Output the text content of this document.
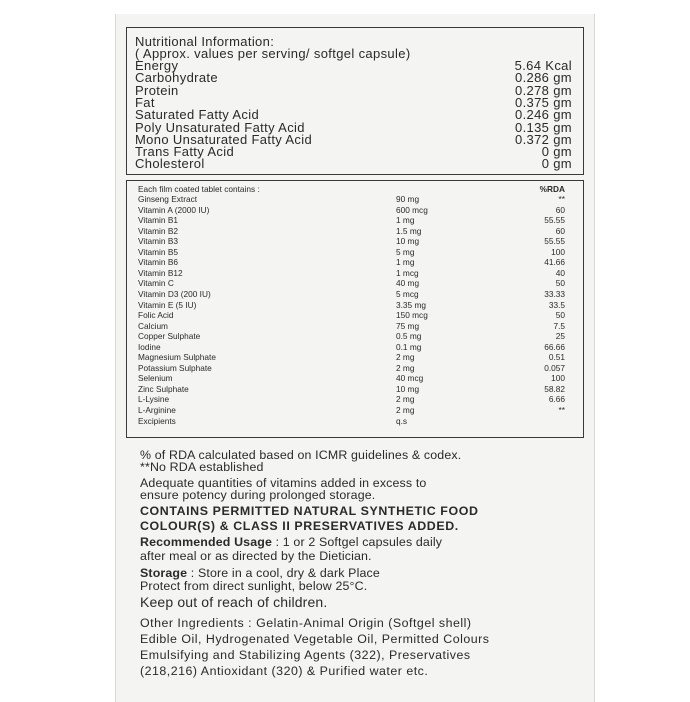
Nutritional Information:
( Approx. values per serving/ softgel capsule)
Energy	5.64 Kcal
Carbohydrate	0.286 gm
Protein	0.278 gm
Fat	0.375 gm
Saturated Fatty Acid	0.246 gm
Poly Unsaturated Fatty Acid	0.135 gm
Mono Unsaturated Fatty Acid	0.372 gm
Trans Fatty Acid	0 gm
Cholesterol	0 gm
Each film coated tablet contains :	%RDA
Ginseng Extract	90 mg	**
Vitamin A (2000 IU)	600 mcg	60
Vitamin B1	1 mg	55.55
Vitamin B2	1.5 mg	60
Vitamin B3	10 mg	55.55
Vitamin B5	5 mg	100
Vitamin B6	1 mg	41.66
Vitamin B12	1 mcg	40
Vitamin C	40 mg	50
Vitamin D3 (200 IU)	5 mcg	33.33
Vitamin E (5 IU)	3.35 mg	33.5
Folic Acid	150 mcg	50
Calcium	75 mg	7.5
Copper Sulphate	0.5 mg	25
Iodine	0.1 mg	66.66
Magnesium Sulphate	2 mg	0.51
Potassium Sulphate	2 mg	0.057
Selenium	40 mcg	100
Zinc Sulphate	10 mg	58.82
L-Lysine	2 mg	6.66
L-Arginine	2 mg	**
Excipients	q.s
% of RDA calculated based on ICMR guidelines & codex.
**No RDA established
Adequate quantities of vitamins added in excess to
ensure potency during prolonged storage.
CONTAINS PERMITTED NATURAL SYNTHETIC FOOD
COLOUR(S) & CLASS II PRESERVATIVES ADDED.
Recommended Usage : 1 or 2 Softgel capsules daily
after meal or as directed by the Dietician.
Storage : Store in a cool, dry & dark Place
Protect from direct sunlight, below 25°C.
Keep out of reach of children.
Other Ingredients : Gelatin-Animal Origin (Softgel shell)
Edible Oil, Hydrogenated Vegetable Oil, Permitted Colours
Emulsifying and Stabilizing Agents (322), Preservatives
(218,216) Antioxidant (320) & Purified water etc.
